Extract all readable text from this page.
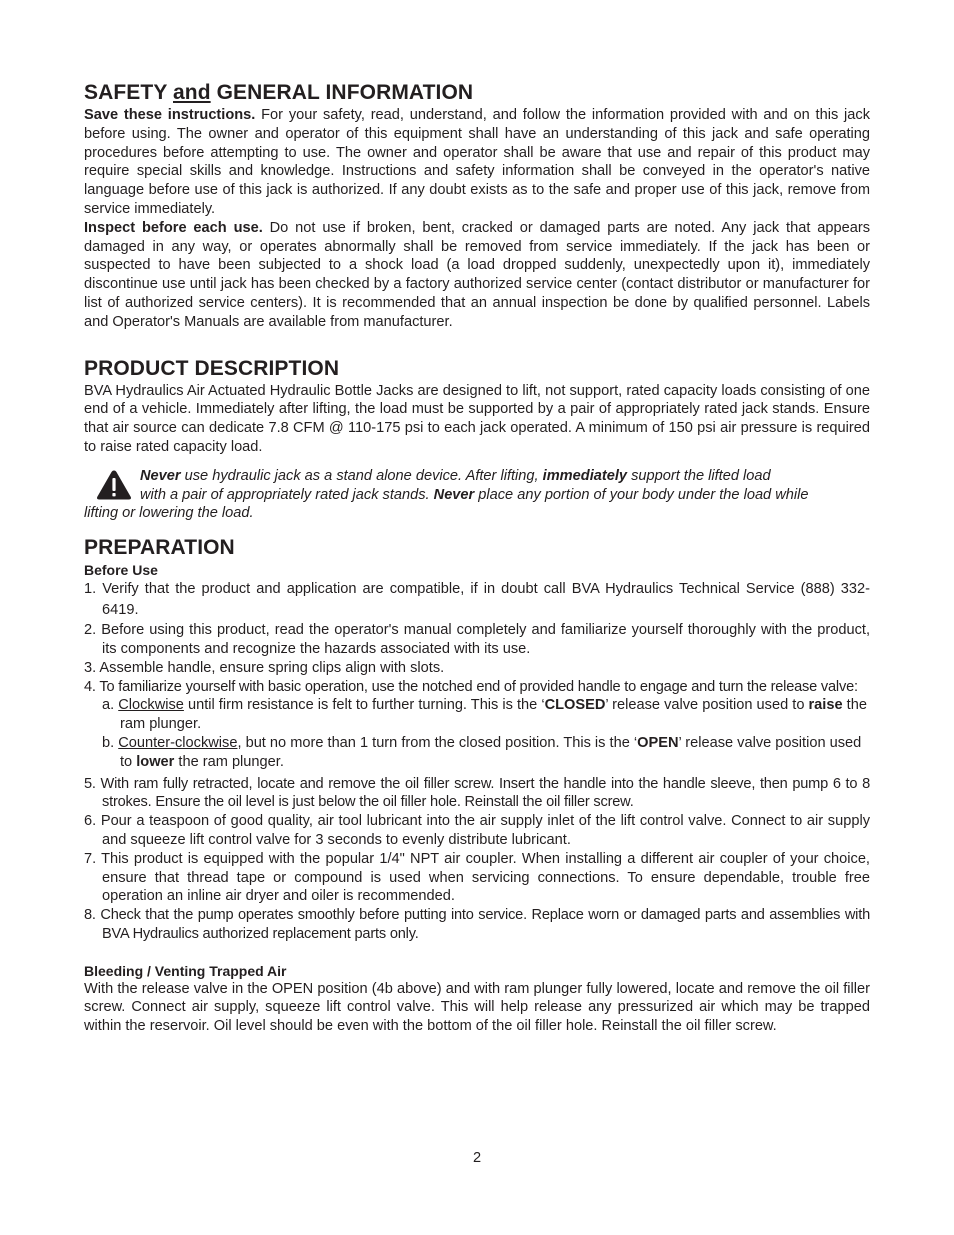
SAFETY and GENERAL INFORMATION

Save these instructions. For your safety, read, understand, and follow the information provided with and on this jack before using. The owner and operator of this equipment shall have an understanding of this jack and safe operating procedures before attempting to use. The owner and operator shall be aware that use and repair of this product may require special skills and knowledge. Instructions and safety information shall be conveyed in the operator's native language before use of this jack is authorized. If any doubt exists as to the safe and proper use of this jack, remove from service immediately.

Inspect before each use. Do not use if broken, bent, cracked or damaged parts are noted. Any jack that appears damaged in any way, or operates abnormally shall be removed from service immediately. If the jack has been or suspected to have been subjected to a shock load (a load dropped suddenly, unexpectedly upon it), immediately discontinue use until jack has been checked by a factory authorized service center (contact distributor or manufacturer for list of authorized service centers). It is recommended that an annual inspection be done by qualified personnel. Labels and Operator's Manuals are available from manufacturer.

PRODUCT DESCRIPTION

BVA Hydraulics Air Actuated Hydraulic Bottle Jacks are designed to lift, not support, rated capacity loads consisting of one end of a vehicle. Immediately after lifting, the load must be supported by a pair of appropriately rated jack stands. Ensure that air source can dedicate 7.8 CFM @ 110-175 psi to each jack operated. A minimum of 150 psi air pressure is required to raise rated capacity load.

Never use hydraulic jack as a stand alone device. After lifting, immediately support the lifted load
with a pair of appropriately rated jack stands. Never place any portion of your body under the load while
lifting or lowering the load.
PREPARATION
Before Use
1. Verify that the product and application are compatible, if in doubt call BVA Hydraulics Technical Service (888) 332-6419.
2. Before using this product, read the operator's manual completely and familiarize yourself thoroughly with the product, its components and recognize the hazards associated with its use.
3. Assemble handle, ensure spring clips align with slots.
4. To familiarize yourself with basic operation, use the notched end of provided handle to engage and turn the release valve:
a. Clockwise until firm resistance is felt to further turning. This is the ‘CLOSED’ release valve position used to raise the ram plunger.
b. Counter-clockwise, but no more than 1 turn from the closed position. This is the ‘OPEN’ release valve position used to lower the ram plunger.
5. With ram fully retracted, locate and remove the oil filler screw. Insert the handle into the handle sleeve, then pump 6 to 8 strokes. Ensure the oil level is just below the oil filler hole. Reinstall the oil filler screw.
6. Pour a teaspoon of good quality, air tool lubricant into the air supply inlet of the lift control valve. Connect to air supply and squeeze lift control valve for 3 seconds to evenly distribute lubricant.
7. This product is equipped with the popular 1/4" NPT air coupler. When installing a different air coupler of your choice, ensure that thread tape or compound is used when servicing connections. To ensure dependable, trouble free operation an inline air dryer and oiler is recommended.
8. Check that the pump operates smoothly before putting into service. Replace worn or damaged parts and assemblies with BVA Hydraulics authorized replacement parts only.
Bleeding / Venting Trapped Air

With the release valve in the OPEN position (4b above) and with ram plunger fully lowered, locate and remove the oil filler screw. Connect air supply, squeeze lift control valve. This will help release any pressurized air which may be trapped within the reservoir. Oil level should be even with the bottom of the oil filler hole. Reinstall the oil filler screw.

2
